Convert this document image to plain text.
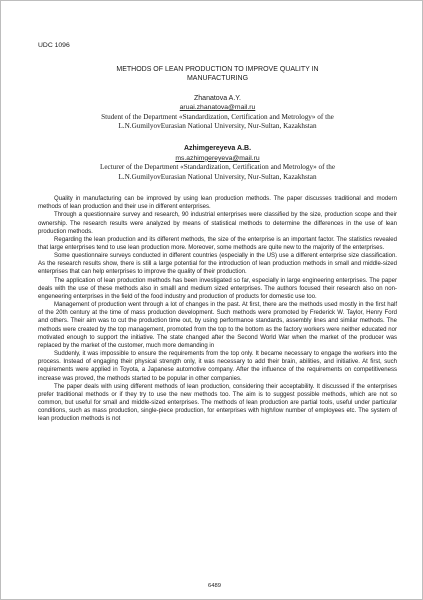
UDC 1096
METHODS OF LEAN PRODUCTION TO IMPROVE QUALITY IN
MANUFACTURING
Zhanatova A.Y.
aruai.zhanatova@mail.ru
Student of the Department «Standardization, Certification and Metrology» of the
L.N.GumilyovEurasian National University, Nur-Sultan, Kazakhstan
Azhimgereyeva A.B.
ms.azhimgereyeva@mail.ru
Lecturer of the Department «Standardization, Certification and Metrology» of the
L.N.GumilyovEurasian National University, Nur-Sultan, Kazakhstan

Quality in manufacturing can be improved by using lean production methods. The paper discusses traditional and modern methods of lean production and their use in different enterprises.

Through a questionnaire survey and research, 90 industrial enterprises were classified by the size, production scope and their ownership. The research results were analyzed by means of statistical methods to determine the differences in the use of lean production methods.

Regarding the lean production and its different methods, the size of the enterprise is an important factor. The statistics revealed that large enterprises tend to use lean production more. Moreover, some methods are quite new to the majority of the enterprises.

Some questionnaire surveys conducted in different countries (especially in the US) use a different enterprise size classification. As the research results show, there is still a large potential for the introduction of lean production methods in small and middle-sized enterprises that can help enterprises to improve the quality of their production.

The application of lean production methods has been investigated so far, especially in large engineering enterprises. The paper deals with the use of these methods also in smalll and medium sized enterprises. The authors focused their research also on non-engeneering enterprises in the field of the food industry and production of products for domestic use too.

Management of production went through a lot of changes in the past. At first, there are the methods used mostly in the first half of the 20th century at the time of mass production development. Such methods were promoted by Frederick W. Taylor, Henry Ford and others. Their aim was to cut the production time out, by using performance standards, assembly lines and similar methods. The methods were created by the top management, promoted from the top to the bottom as the factory workers were neither educated nor motivated enough to support the initiative. The state changed after the Second World War when the market of the producer was replaced by the market of the customer, much more demanding in

Suddenly, it was impossible to ensure the requirements from the top only. It became necessary to engage the workers into the process. Instead of engaging their physical strength only, it was necessary to add their brain, abilities, and initiative. At first, such requirements were applied in Toyota, a Japanese automotive company. After the influence of the requirements on competitiveness increase was proved, the methods started to be popular in other companies.

The paper deals with using different methods of lean production, considering their acceptability. It discussed if the enterprises prefer traditional methods or if they try to use the new methods too. The aim is to suggest possible methods, which are not so common, but useful for small and middle-sized enterprises. The methods of lean production are partial tools, useful under particular conditions, such as mass production, single-piece production, for enterprises with high/low number of employees etc. The system of lean production methods is not

6489
